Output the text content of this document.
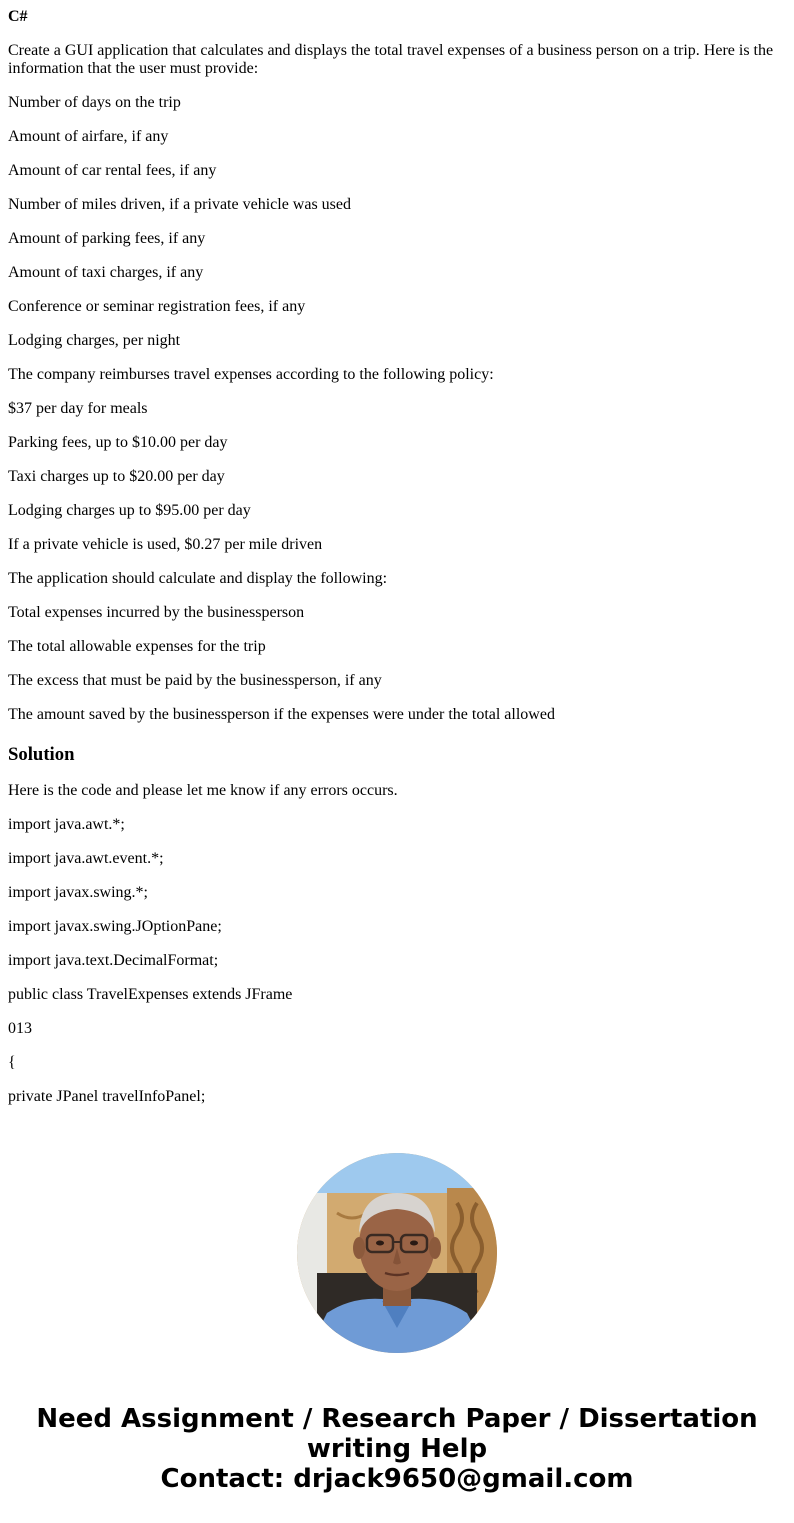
C#

Create a GUI application that calculates and displays the total travel expenses of a business person on a trip. Here is the information that the user must provide:

Number of days on the trip

Amount of airfare, if any

Amount of car rental fees, if any

Number of miles driven, if a private vehicle was used

Amount of parking fees, if any

Amount of taxi charges, if any

Conference or seminar registration fees, if any

Lodging charges, per night

The company reimburses travel expenses according to the following policy:

$37 per day for meals

Parking fees, up to $10.00 per day

Taxi charges up to $20.00 per day

Lodging charges up to $95.00 per day

If a private vehicle is used, $0.27 per mile driven

The application should calculate and display the following:

Total expenses incurred by the businessperson

The total allowable expenses for the trip

The excess that must be paid by the businessperson, if any

The amount saved by the businessperson if the expenses were under the total allowed

Solution

Here is the code and please let me know if any errors occurs.

import java.awt.*;

import java.awt.event.*;

import javax.swing.*;

import javax.swing.JOptionPane;

import java.text.DecimalFormat;

public class TravelExpenses extends JFrame

013

{

private JPanel travelInfoPanel;

Need Assignment / Research Paper / Dissertation
writing Help
Contact: drjack9650@gmail.com
